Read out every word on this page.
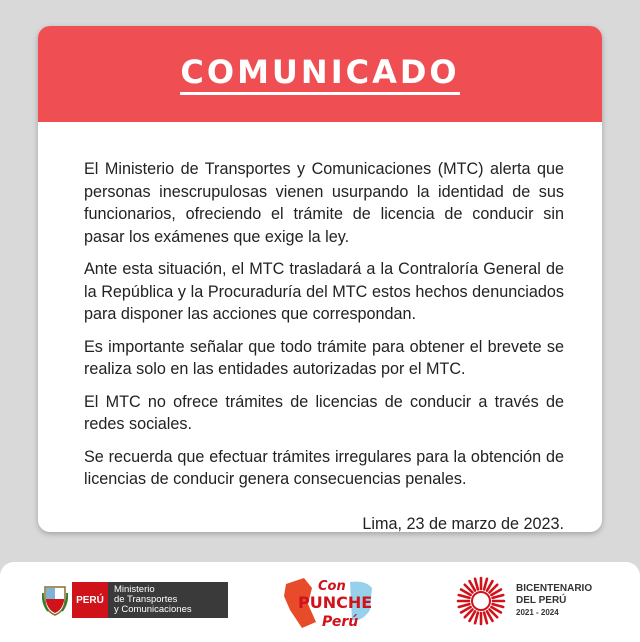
COMUNICADO

El Ministerio de Transportes y Comunicaciones (MTC) alerta que personas inescrupulosas vienen usurpando la identidad de sus funcionarios, ofreciendo el trámite de licencia de conducir sin pasar los exámenes que exige la ley.

Ante esta situación, el MTC trasladará a la Contraloría General de la República y la Procuraduría del MTC estos hechos denunciados para disponer las acciones que correspondan.

Es importante señalar que todo trámite para obtener el brevete se realiza solo en las entidades autorizadas por el MTC.

El MTC no ofrece trámites de licencias de conducir a través de redes sociales.

Se recuerda que efectuar trámites irregulares para la obtención de licencias de conducir genera consecuencias penales.

Lima, 23 de marzo de 2023.
PERÚ
Ministerio
de Transportes
y Comunicaciones
Con
PUNCHE
Perú
BICENTENARIO
DEL PERÚ
2021 - 2024
